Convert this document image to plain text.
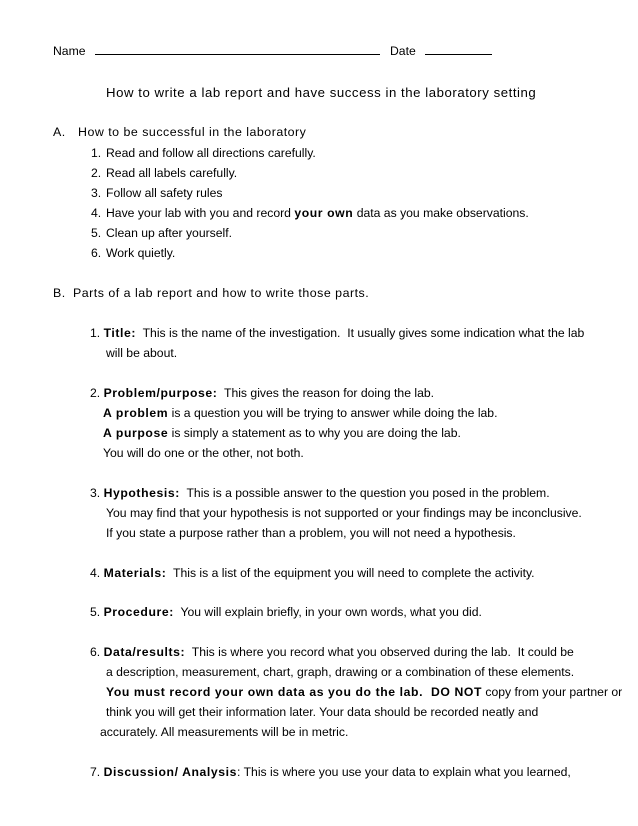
Name	Date
How to write a lab report and have success in the laboratory setting
A. How to be successful in the laboratory
1. Read and follow all directions carefully.
2. Read all labels carefully.
3. Follow all safety rules
4. Have your lab with you and record your own data as you make observations.
5. Clean up after yourself.
6. Work quietly.
B. Parts of a lab report and how to write those parts.
1. Title:  This is the name of the investigation.  It usually gives some indication what the lab
will be about.
2. Problem/purpose:  This gives the reason for doing the lab.
A problem is a question you will be trying to answer while doing the lab.
A purpose is simply a statement as to why you are doing the lab.
You will do one or the other, not both.
3. Hypothesis:  This is a possible answer to the question you posed in the problem.
You may find that your hypothesis is not supported or your findings may be inconclusive.
If you state a purpose rather than a problem, you will not need a hypothesis.
4. Materials:  This is a list of the equipment you will need to complete the activity.
5. Procedure:  You will explain briefly, in your own words, what you did.
6. Data/results:  This is where you record what you observed during the lab.  It could be
a description, measurement, chart, graph, drawing or a combination of these elements.
You must record your own data as you do the lab.  DO NOT copy from your partner or
think you will get their information later. Your data should be recorded neatly and
accurately. All measurements will be in metric.
7. Discussion/ Analysis: This is where you use your data to explain what you learned,
